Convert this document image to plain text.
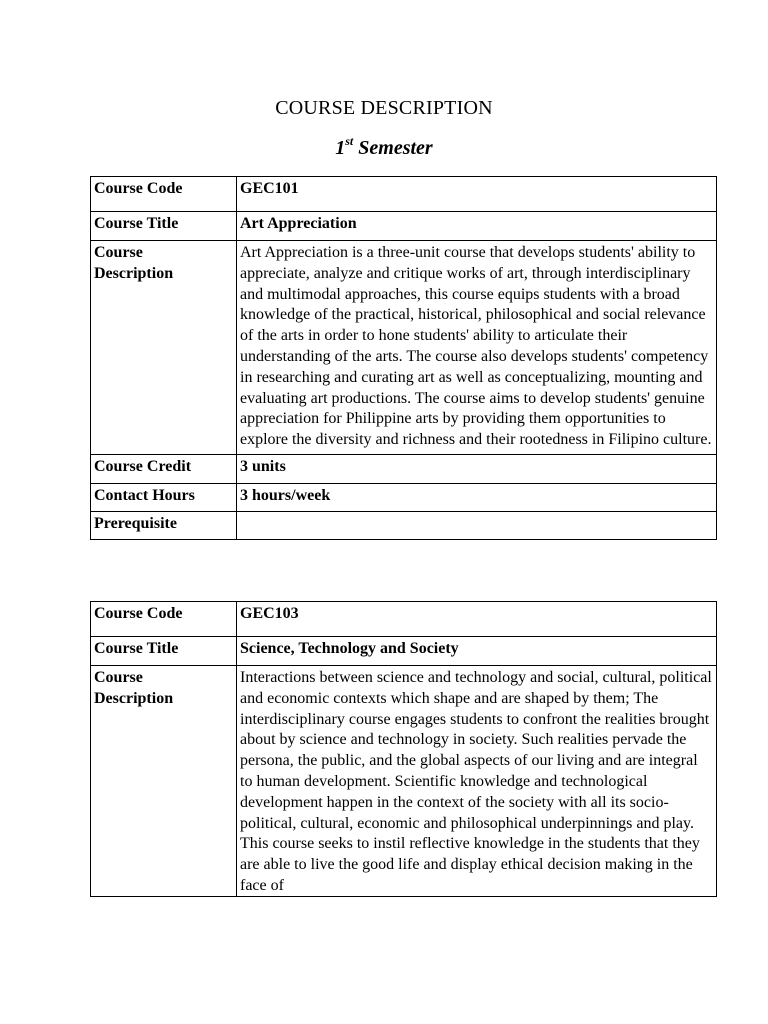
COURSE DESCRIPTION
1st Semester
Course Code	GEC101
Course Title	Art Appreciation
Course
Description	Art Appreciation is a three-unit course that develops students' ability to appreciate, analyze and critique works of art, through interdisciplinary and multimodal approaches, this course equips students with a broad knowledge of the practical, historical, philosophical and social relevance of the arts in order to hone students' ability to articulate their understanding of the arts. The course also develops students' competency in researching and curating art as well as conceptualizing, mounting and evaluating art productions. The course aims to develop students' genuine appreciation for Philippine arts by providing them opportunities to explore the diversity and richness and their rootedness in Filipino culture.
Course Credit	3 units
Contact Hours	3 hours/week
Prerequisite	
Course Code	GEC103
Course Title	Science, Technology and Society
Course
Description	Interactions between science and technology and social, cultural, political and economic contexts which shape and are shaped by them; The interdisciplinary course engages students to confront the realities brought about by science and technology in society. Such realities pervade the persona, the public, and the global aspects of our living and are integral to human development. Scientific knowledge and technological development happen in the context of the society with all its socio-political, cultural, economic and philosophical underpinnings and play. This course seeks to instil reflective knowledge in the students that they are able to live the good life and display ethical decision making in the face of
